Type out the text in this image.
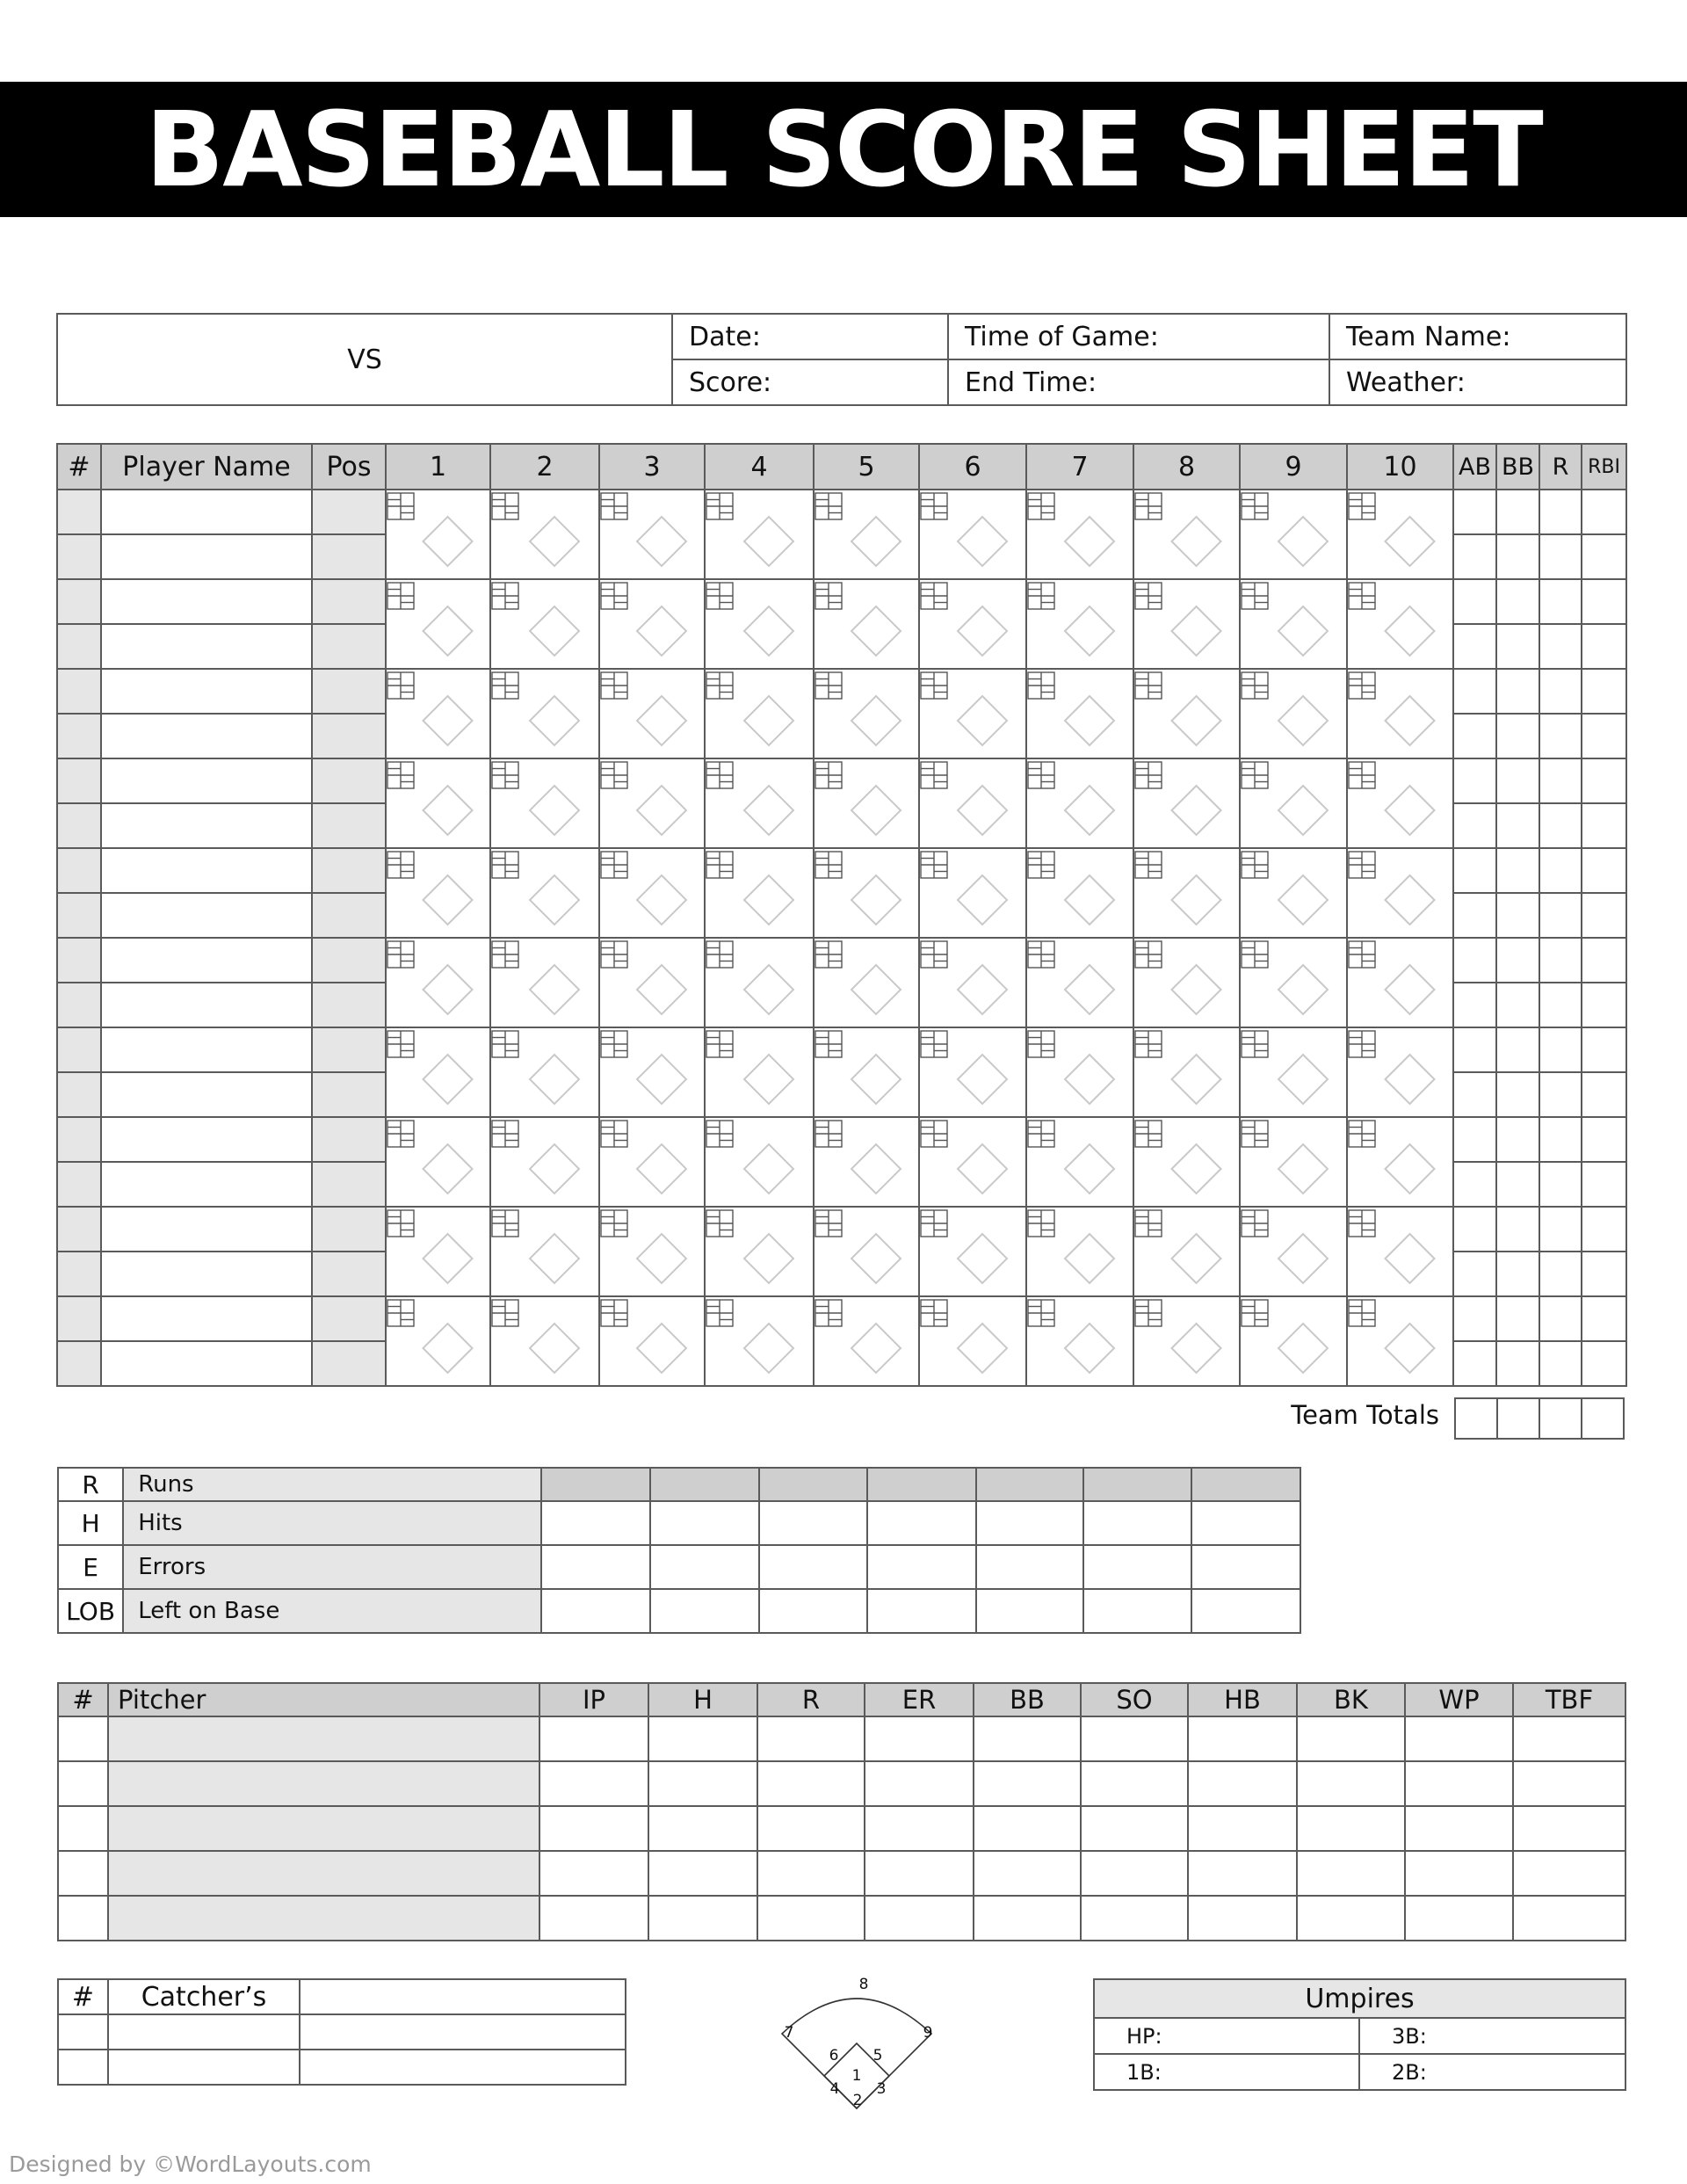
BASEBALL SCORE SHEET
VS	Date:	Time of Game:	Team Name:
	Score:	End Time:	Weather:
#	Player Name	Pos	1	2	3	4	5	6	7	8	9	10	AB	BB	R	RBI

Team Totals

R	Runs							
H	Hits							
E	Errors							
LOB	Left on Base							
#	Pitcher	IP	H	R	ER	BB	SO	HB	BK	WP	TBF

#	Catcher’s	

1
2
3
4
5
6
7
8
9
Umpires	
HP:	3B:
1B:	2B:
Designed by ©WordLayouts.com
